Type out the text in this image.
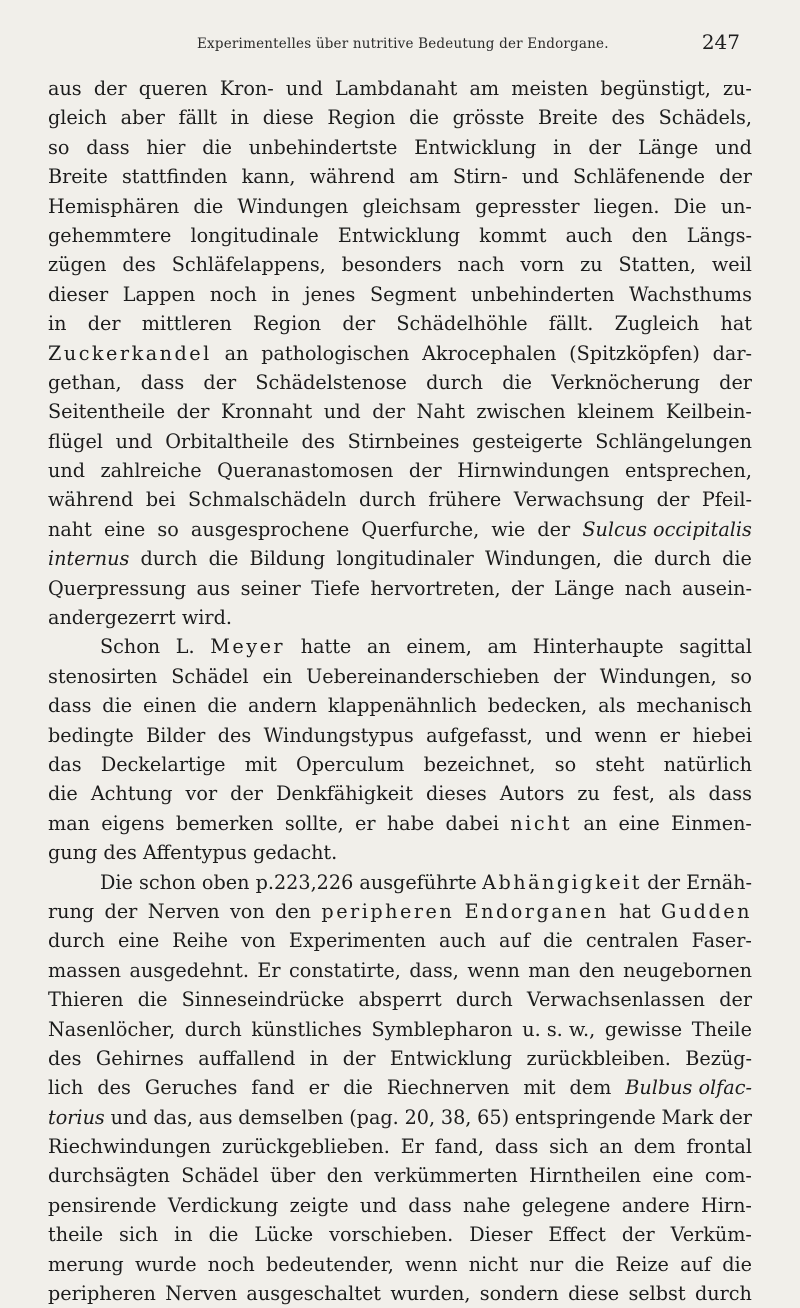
Experimentelles über nutritive Bedeutung der Endorgane.	247
aus der queren Kron- und Lambdanaht am meisten begünstigt, zu-
gleich aber fällt in diese Region die grösste Breite des Schädels,
so dass hier die unbehindertste Entwicklung in der Länge und
Breite stattfinden kann, während am Stirn- und Schläfenende der
Hemisphären die Windungen gleichsam gepresster liegen. Die un-
gehemmtere longitudinale Entwicklung kommt auch den Längs-
zügen des Schläfelappens, besonders nach vorn zu Statten, weil
dieser Lappen noch in jenes Segment unbehinderten Wachsthums
in der mittleren Region der Schädelhöhle fällt. Zugleich hat
Zuckerkandel an pathologischen Akrocephalen (Spitzköpfen) dar-
gethan, dass der Schädelstenose durch die Verknöcherung der
Seitentheile der Kronnaht und der Naht zwischen kleinem Keilbein-
flügel und Orbitaltheile des Stirnbeines gesteigerte Schlängelungen
und zahlreiche Queranastomosen der Hirnwindungen entsprechen,
während bei Schmalschädeln durch frühere Verwachsung der Pfeil-
naht eine so ausgesprochene Querfurche, wie der Sulcus occipitalis
internus durch die Bildung longitudinaler Windungen, die durch die
Querpressung aus seiner Tiefe hervortreten, der Länge nach ausein-
andergezerrt wird.
Schon L. Meyer hatte an einem, am Hinterhaupte sagittal
stenosirten Schädel ein Uebereinanderschieben der Windungen, so
dass die einen die andern klappenähnlich bedecken, als mechanisch
bedingte Bilder des Windungstypus aufgefasst, und wenn er hiebei
das Deckelartige mit Operculum bezeichnet, so steht natürlich
die Achtung vor der Denkfähigkeit dieses Autors zu fest, als dass
man eigens bemerken sollte, er habe dabei nicht an eine Einmen-
gung des Affentypus gedacht.
Die schon oben p.223,226 ausgeführte Abhängigkeit der Ernäh-
rung der Nerven von den peripheren Endorganen hat Gudden
durch eine Reihe von Experimenten auch auf die centralen Faser-
massen ausgedehnt. Er constatirte, dass, wenn man den neugebornen
Thieren die Sinneseindrücke absperrt durch Verwachsenlassen der
Nasenlöcher, durch künstliches Symblepharon u. s. w., gewisse Theile
des Gehirnes auffallend in der Entwicklung zurückbleiben. Bezüg-
lich des Geruches fand er die Riechnerven mit dem Bulbus olfac-
torius und das, aus demselben (pag. 20, 38, 65) entspringende Mark der
Riechwindungen zurückgeblieben. Er fand, dass sich an dem frontal
durchsägten Schädel über den verkümmerten Hirntheilen eine com-
pensirende Verdickung zeigte und dass nahe gelegene andere Hirn-
theile sich in die Lücke vorschieben. Dieser Effect der Verküm-
merung wurde noch bedeutender, wenn nicht nur die Reize auf die
peripheren Nerven ausgeschaltet wurden, sondern diese selbst durch
